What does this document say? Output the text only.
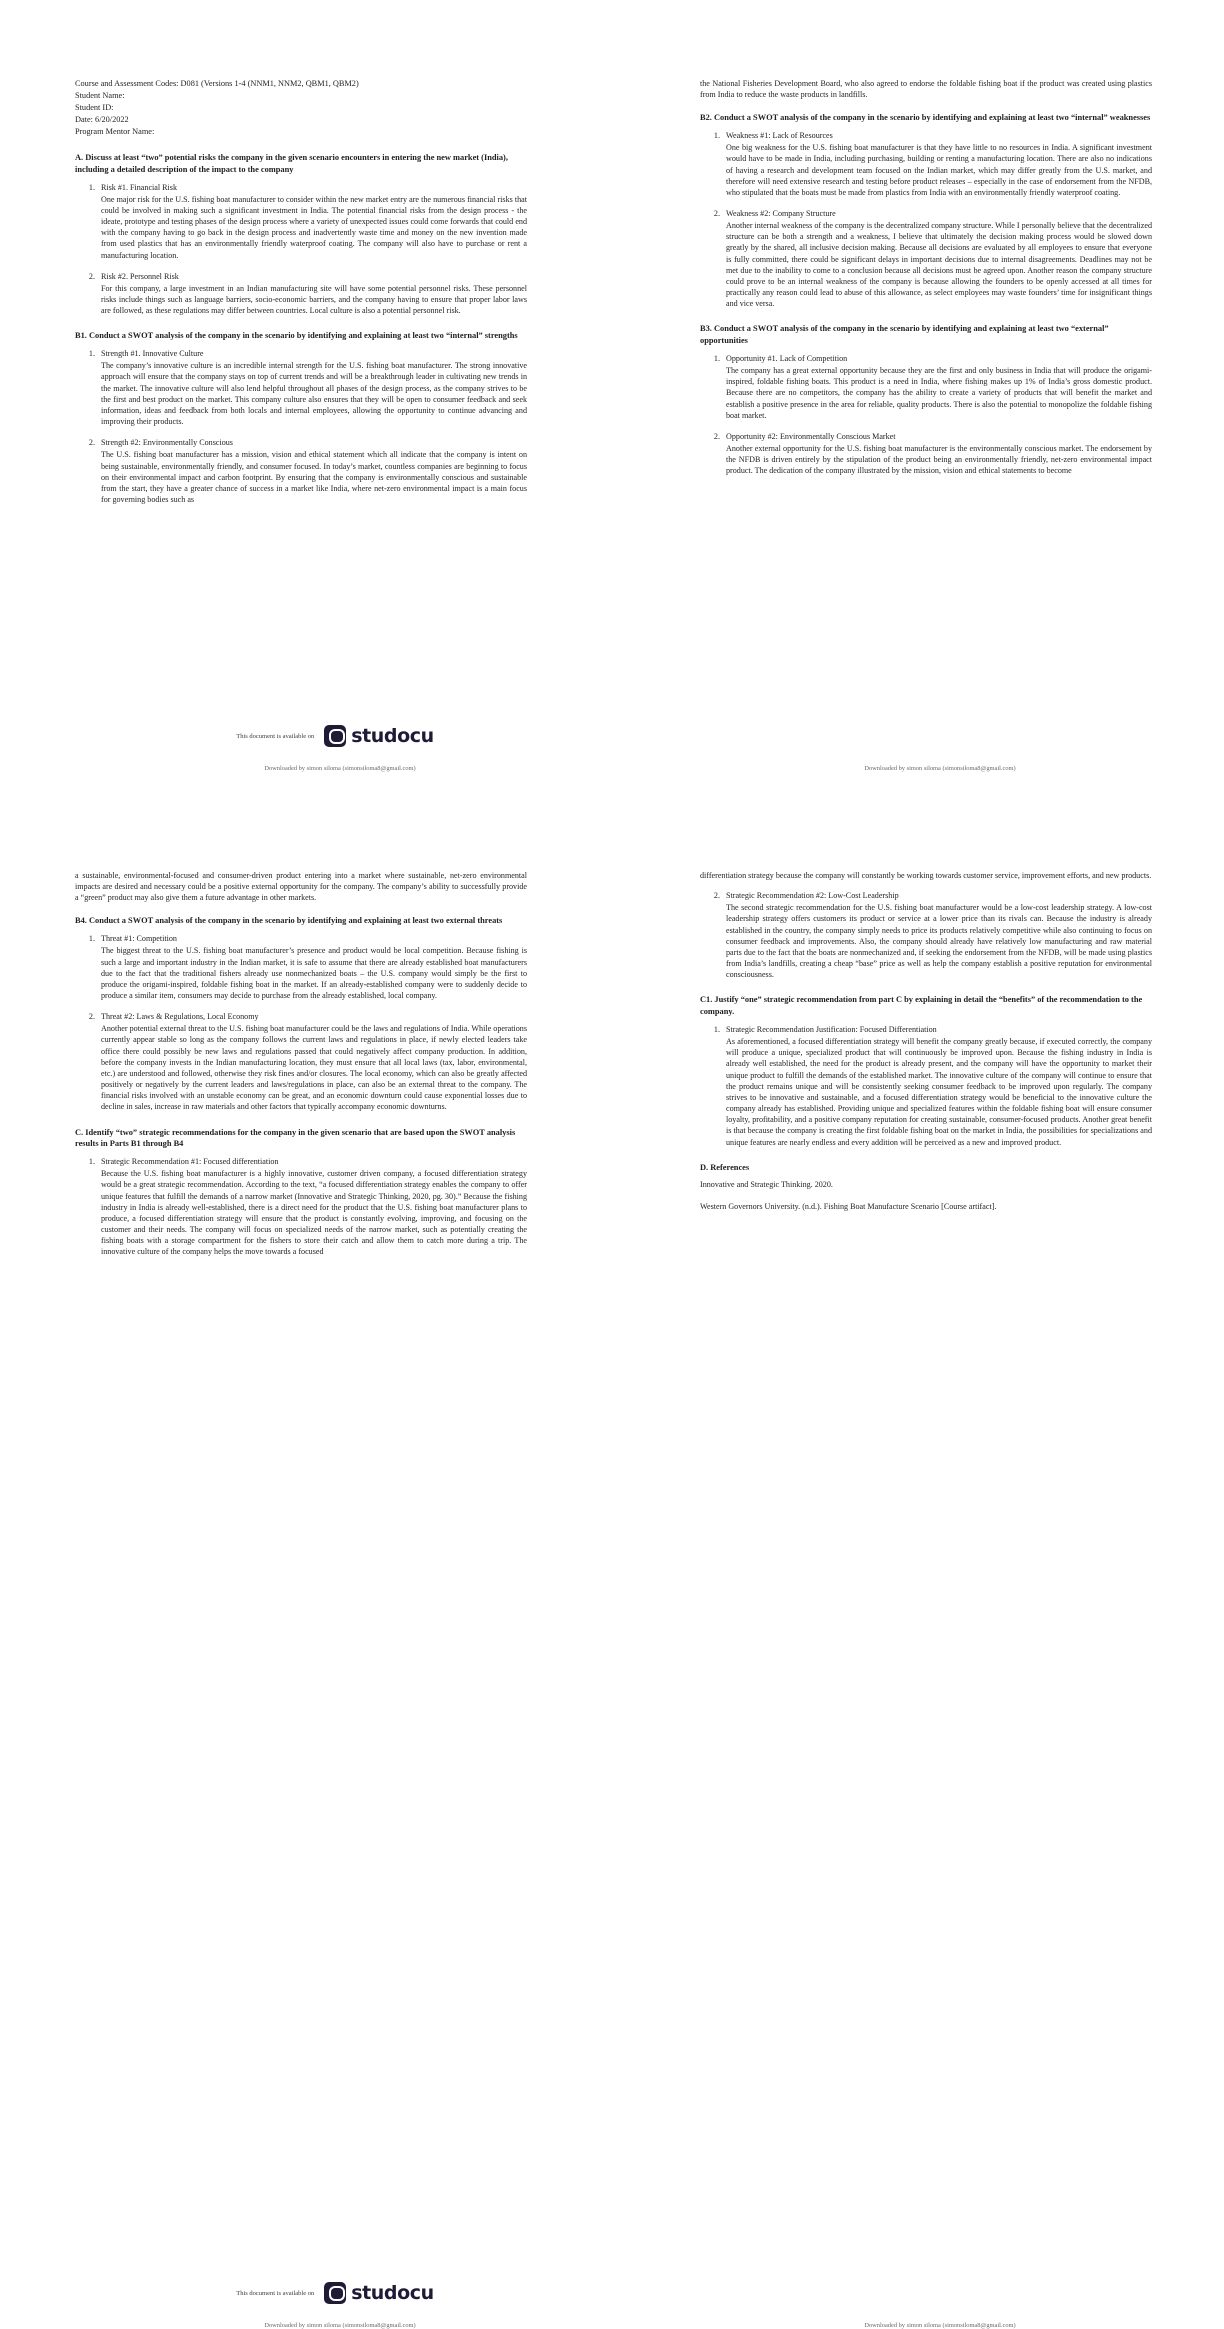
Course and Assessment Codes: D081 (Versions 1-4 (NNM1, NNM2, QBM1, QBM2)
Student Name:
Student ID:
Date: 6/20/2022
Program Mentor Name:
A. Discuss at least “two” potential risks the company in the given scenario encounters in entering the new market (India), including a detailed description of the impact to the company
1. Risk #1. Financial Risk
One major risk for the U.S. fishing boat manufacturer to consider within the new market entry are the numerous financial risks that could be involved in making such a significant investment in India. The potential financial risks from the design process - the ideate, prototype and testing phases of the design process where a variety of unexpected issues could come forwards that could end with the company having to go back in the design process and inadvertently waste time and money on the new invention made from used plastics that has an environmentally friendly waterproof coating. The company will also have to purchase or rent a manufacturing location.
2. Risk #2. Personnel Risk
For this company, a large investment in an Indian manufacturing site will have some potential personnel risks. These personnel risks include things such as language barriers, socio-economic barriers, and the company having to ensure that proper labor laws are followed, as these regulations may differ between countries. Local culture is also a potential personnel risk.
B1. Conduct a SWOT analysis of the company in the scenario by identifying and explaining at least two “internal” strengths
1. Strength #1. Innovative Culture
The company’s innovative culture is an incredible internal strength for the U.S. fishing boat manufacturer. The strong innovative approach will ensure that the company stays on top of current trends and will be a breakthrough leader in cultivating new trends in the market. The innovative culture will also lend helpful throughout all phases of the design process, as the company strives to be the first and best product on the market. This company culture also ensures that they will be open to consumer feedback and seek information, ideas and feedback from both locals and internal employees, allowing the opportunity to continue advancing and improving their products.
2. Strength #2: Environmentally Conscious
The U.S. fishing boat manufacturer has a mission, vision and ethical statement which all indicate that the company is intent on being sustainable, environmentally friendly, and consumer focused. In today’s market, countless companies are beginning to focus on their environmental impact and carbon footprint. By ensuring that the company is environmentally conscious and sustainable from the start, they have a greater chance of success in a market like India, where net-zero environmental impact is a main focus for governing bodies such as

the National Fisheries Development Board, who also agreed to endorse the foldable fishing boat if the product was created using plastics from India to reduce the waste products in landfills.

B2. Conduct a SWOT analysis of the company in the scenario by identifying and explaining at least two “internal” weaknesses
1. Weakness #1: Lack of Resources
One big weakness for the U.S. fishing boat manufacturer is that they have little to no resources in India. A significant investment would have to be made in India, including purchasing, building or renting a manufacturing location. There are also no indications of having a research and development team focused on the Indian market, which may differ greatly from the U.S. market, and therefore will need extensive research and testing before product releases – especially in the case of endorsement from the NFDB, who stipulated that the boats must be made from plastics from India with an environmentally friendly waterproof coating.
2. Weakness #2: Company Structure
Another internal weakness of the company is the decentralized company structure. While I personally believe that the decentralized structure can be both a strength and a weakness, I believe that ultimately the decision making process would be slowed down greatly by the shared, all inclusive decision making. Because all decisions are evaluated by all employees to ensure that everyone is fully committed, there could be significant delays in important decisions due to internal disagreements. Deadlines may not be met due to the inability to come to a conclusion because all decisions must be agreed upon. Another reason the company structure could prove to be an internal weakness of the company is because allowing the founders to be openly accessed at all times for practically any reason could lead to abuse of this allowance, as select employees may waste founders’ time for insignificant things and vice versa.
B3. Conduct a SWOT analysis of the company in the scenario by identifying and explaining at least two “external” opportunities
1. Opportunity #1. Lack of Competition
The company has a great external opportunity because they are the first and only business in India that will produce the origami-inspired, foldable fishing boats. This product is a need in India, where fishing makes up 1% of India’s gross domestic product. Because there are no competitors, the company has the ability to create a variety of products that will benefit the market and establish a positive presence in the area for reliable, quality products. There is also the potential to monopolize the foldable fishing boat market.
2. Opportunity #2: Environmentally Conscious Market
Another external opportunity for the U.S. fishing boat manufacturer is the environmentally conscious market. The endorsement by the NFDB is driven entirely by the stipulation of the product being an environmentally friendly, net-zero environmental impact product. The dedication of the company illustrated by the mission, vision and ethical statements to become
This document is available on studocu
Downloaded by simon siloma (simonsiloma8@gmail.com)	Downloaded by simon siloma (simonsiloma8@gmail.com)

a sustainable, environmental-focused and consumer-driven product entering into a market where sustainable, net-zero environmental impacts are desired and necessary could be a positive external opportunity for the company. The company’s ability to successfully provide a “green” product may also give them a future advantage in other markets.

B4. Conduct a SWOT analysis of the company in the scenario by identifying and explaining at least two external threats
1. Threat #1: Competition
The biggest threat to the U.S. fishing boat manufacturer’s presence and product would be local competition. Because fishing is such a large and important industry in the Indian market, it is safe to assume that there are already established boat manufacturers due to the fact that the traditional fishers already use nonmechanized boats – the U.S. company would simply be the first to produce the origami-inspired, foldable fishing boat in the market. If an already-established company were to suddenly decide to produce a similar item, consumers may decide to purchase from the already established, local company.
2. Threat #2: Laws & Regulations, Local Economy
Another potential external threat to the U.S. fishing boat manufacturer could be the laws and regulations of India. While operations currently appear stable so long as the company follows the current laws and regulations in place, if newly elected leaders take office there could possibly be new laws and regulations passed that could negatively affect company production. In addition, before the company invests in the Indian manufacturing location, they must ensure that all local laws (tax, labor, environmental, etc.) are understood and followed, otherwise they risk fines and/or closures. The local economy, which can also be greatly affected positively or negatively by the current leaders and laws/regulations in place, can also be an external threat to the company. The financial risks involved with an unstable economy can be great, and an economic downturn could cause exponential losses due to decline in sales, increase in raw materials and other factors that typically accompany economic downturns.
C. Identify “two” strategic recommendations for the company in the given scenario that are based upon the SWOT analysis results in Parts B1 through B4
1. Strategic Recommendation #1: Focused differentiation
Because the U.S. fishing boat manufacturer is a highly innovative, customer driven company, a focused differentiation strategy would be a great strategic recommendation. According to the text, “a focused differentiation strategy enables the company to offer unique features that fulfill the demands of a narrow market (Innovative and Strategic Thinking, 2020, pg. 30).” Because the fishing industry in India is already well-established, there is a direct need for the product that the U.S. fishing boat manufacturer plans to produce, a focused differentiation strategy will ensure that the product is constantly evolving, improving, and focusing on the customer and their needs. The company will focus on specialized needs of the narrow market, such as potentially creating the fishing boats with a storage compartment for the fishers to store their catch and allow them to catch more during a trip. The innovative culture of the company helps the move towards a focused

differentiation strategy because the company will constantly be working towards customer service, improvement efforts, and new products.

2. Strategic Recommendation #2: Low-Cost Leadership
The second strategic recommendation for the U.S. fishing boat manufacturer would be a low-cost leadership strategy. A low-cost leadership strategy offers customers its product or service at a lower price than its rivals can. Because the industry is already established in the country, the company simply needs to price its products relatively competitive while also continuing to focus on consumer feedback and improvements. Also, the company should already have relatively low manufacturing and raw material parts due to the fact that the boats are nonmechanized and, if seeking the endorsement from the NFDB, will be made using plastics from India’s landfills, creating a cheap “base” price as well as help the company establish a positive reputation for environmental consciousness.
C1. Justify “one” strategic recommendation from part C by explaining in detail the “benefits” of the recommendation to the company.
1. Strategic Recommendation Justification: Focused Differentiation
As aforementioned, a focused differentiation strategy will benefit the company greatly because, if executed correctly, the company will produce a unique, specialized product that will continuously be improved upon. Because the fishing industry in India is already well established, the need for the product is already present, and the company will have the opportunity to market their unique product to fulfill the demands of the established market. The innovative culture of the company will continue to ensure that the product remains unique and will be consistently seeking consumer feedback to be improved upon regularly. The company strives to be innovative and sustainable, and a focused differentiation strategy would be beneficial to the innovative culture the company already has established. Providing unique and specialized features within the foldable fishing boat will ensure consumer loyalty, profitability, and a positive company reputation for creating sustainable, consumer-focused products. Another great benefit is that because the company is creating the first foldable fishing boat on the market in India, the possibilities for specializations and unique features are nearly endless and every addition will be perceived as a new and improved product.
D. References

Innovative and Strategic Thinking. 2020.

Western Governors University. (n.d.). Fishing Boat Manufacture Scenario [Course artifact].

This document is available on studocu
Downloaded by simon siloma (simonsiloma8@gmail.com)	Downloaded by simon siloma (simonsiloma8@gmail.com)
